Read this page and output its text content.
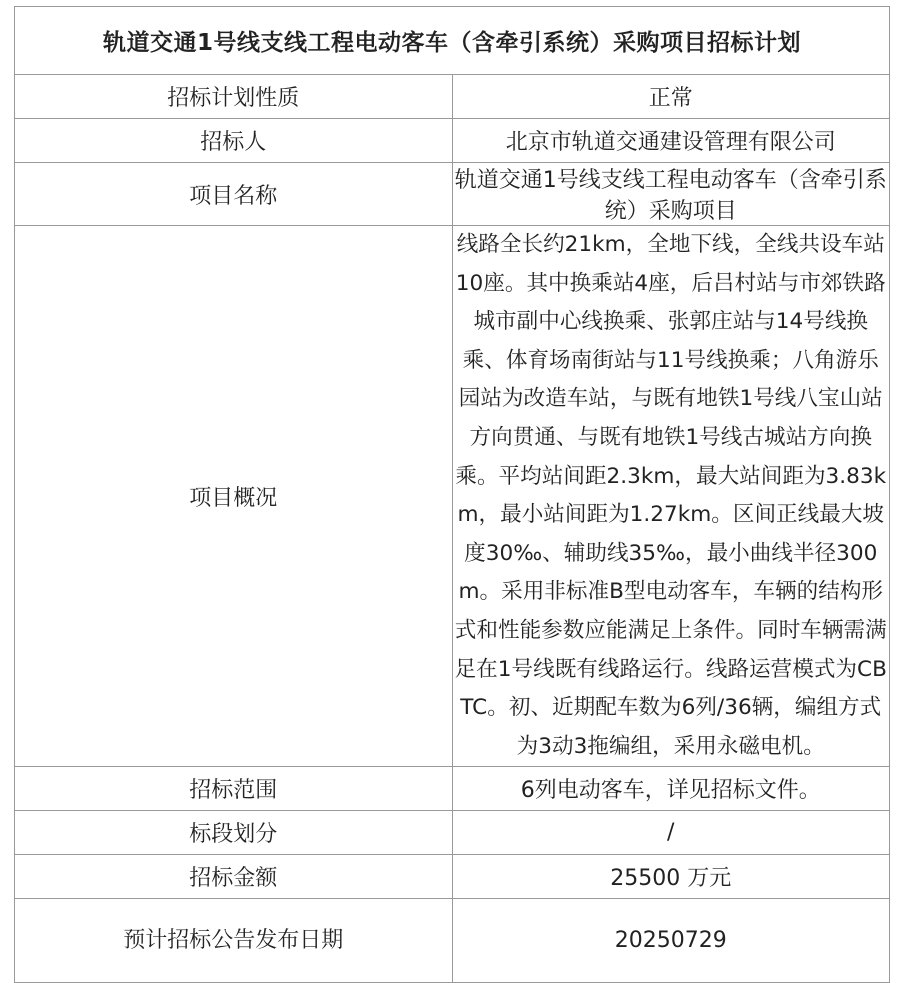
轨道交通1号线支线工程电动客车（含牵引系统）采购项目招标计划	
招标计划性质	正常
招标人	北京市轨道交通建设管理有限公司
项目名称	轨道交通1号线支线工程电动客车（含牵引系统）采购项目
项目概况	线路全长约21km，全地下线，全线共设车站10座。其中换乘站4座，后吕村站与市郊铁路城市副中心线换乘、张郭庄站与14号线换乘、体育场南街站与11号线换乘；八角游乐园站为改造车站，与既有地铁1号线八宝山站方向贯通、与既有地铁1号线古城站方向换乘。平均站间距2.3km，最大站间距为3.83km，最小站间距为1.27km。区间正线最大坡度30‰、辅助线35‰，最小曲线半径300m。采用非标准B型电动客车，车辆的结构形式和性能参数应能满足上条件。同时车辆需满足在1号线既有线路运行。线路运营模式为CBTC。初、近期配车数为6列/36辆，编组方式为3动3拖编组，采用永磁电机。

招标范围	6列电动客车，详见招标文件。
标段划分	/
招标金额	25500 万元
预计招标公告发布日期	20250729
